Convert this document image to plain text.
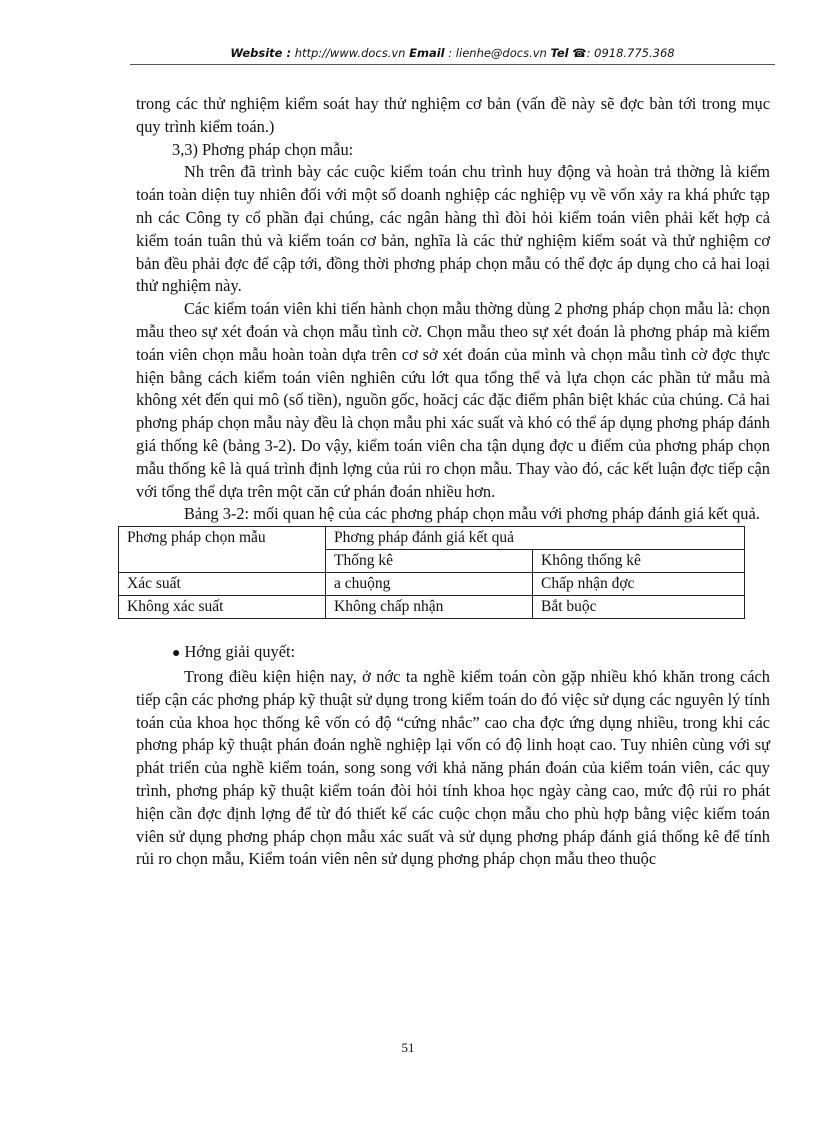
Website : http://www.docs.vn Email : lienhe@docs.vn Tel ☎: 0918.775.368

trong các thử nghiệm kiểm soát hay thử nghiệm cơ bản (vấn đề này sẽ đợc bàn tới trong mục quy trình kiểm toán.)

3,3) Phơng pháp chọn mẫu:

Nh trên đã trình bày các cuộc kiểm toán chu trình huy động và hoàn trả thờng là kiểm toán toàn diện tuy nhiên đối với một số doanh nghiệp các nghiệp vụ về vốn xảy ra khá phức tạp nh các Công ty cổ phần đại chúng, các ngân hàng thì đòi hỏi kiểm toán viên phải kết hợp cả kiểm toán tuân thủ và kiểm toán cơ bản, nghĩa là các thử nghiệm kiểm soát và thử nghiệm cơ bản đều phải đợc để cập tới, đồng thời phơng pháp chọn mẫu có thể đợc áp dụng cho cả hai loại thử nghiệm này.

Các kiểm toán viên khi tiến hành chọn mẫu thờng dùng 2 phơng pháp chọn mẫu là: chọn mẫu theo sự xét đoán và chọn mẫu tình cờ. Chọn mẫu theo sự xét đoán là phơng pháp mà kiểm toán viên chọn mẫu hoàn toàn dựa trên cơ sở xét đoán của mình và chọn mẫu tình cờ đợc thực hiện bằng cách kiểm toán viên nghiên cứu lớt qua tổng thể và lựa chọn các phần tử mẫu mà không xét đến qui mô (số tiền), nguồn gốc, hoăcj các đặc điểm phân biệt khác của chúng. Cả hai phơng pháp chọn mẫu này đều là chọn mẫu phi xác suất và khó có thể áp dụng phơng pháp đánh giá thống kê (bảng 3-2). Do vậy, kiểm toán viên cha tận dụng đợc u điểm của phơng pháp chọn mẫu thống kê là quá trình định lợng của rủi ro chọn mẫu. Thay vào đó, các kết luận đợc tiếp cận với tổng thể dựa trên một căn cứ phán đoán nhiều hơn.

Bảng 3-2: mối quan hệ của các phơng pháp chọn mẫu với phơng pháp đánh giá kết quả.

Phơng pháp chọn mẫu	Phơng pháp đánh giá kết quả	
	Thống kê	Không thống kê
Xác suất	a chuộng	Chấp nhận đợc
Không xác suất	Không chấp nhận	Bắt buộc

● Hớng giải quyết:

Trong điều kiện hiện nay, ở nớc ta nghề kiểm toán còn gặp nhiều khó khăn trong cách tiếp cận các phơng pháp kỹ thuật sử dụng trong kiểm toán do đó việc sử dụng các nguyên lý tính toán của khoa học thống kê vốn có độ “cứng nhắc” cao cha đợc ứng dụng nhiều, trong khi các phơng pháp kỹ thuật phán đoán nghề nghiệp lại vốn có độ linh hoạt cao. Tuy nhiên cùng với sự phát triển của nghề kiểm toán, song song với khả năng phán đoán của kiểm toán viên, các quy trình, phơng pháp kỹ thuật kiểm toán đòi hỏi tính khoa học ngày càng cao, mức độ rủi ro phát hiện cần đợc định lợng để từ đó thiết kế các cuộc chọn mẫu cho phù hợp bằng việc kiểm toán viên sử dụng phơng pháp chọn mẫu xác suất và sử dụng phơng pháp đánh giá thống kê để tính rủi ro chọn mẫu, Kiểm toán viên nên sử dụng phơng pháp chọn mẫu theo thuộc

51
